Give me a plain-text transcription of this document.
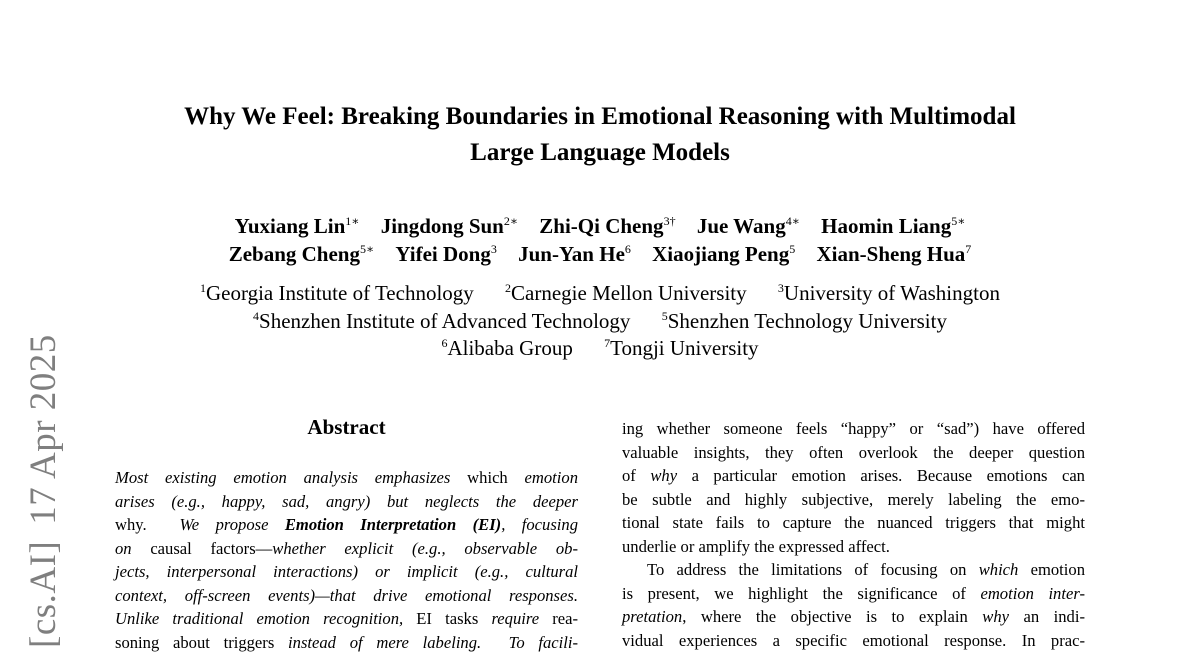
[cs.AI]17 Apr 2025
Why We Feel: Breaking Boundaries in Emotional Reasoning with Multimodal
Large Language Models
Yuxiang Lin$^{1∗}$ Jingdong Sun$^{2∗}$ Zhi-Qi Cheng$^{3\dagger}$ Jue Wang$^{4∗}$ Haomin Liang$^{5∗}$
Zebang Cheng$^{5∗}$ Yifei Dong$^3$ Jun-Yan He$^6$ Xiaojiang Peng$^5$ Xian-Sheng Hua$^7$
$^1$Georgia Institute of Technology	$^2$Carnegie Mellon University	$^3$University of Washington
$^4$Shenzhen Institute of Advanced Technology	$^5$Shenzhen Technology University
$^6$Alibaba Group	$^7$Tongji University
Abstract
Most existing emotion analysis emphasizes which emotion
arises (e.g., happy, sad, angry) but neglects the deeper
why. We propose Emotion Interpretation (EI), focusing
on causal factors—whether explicit (e.g., observable ob-
jects, interpersonal interactions) or implicit (e.g., cultural
context, off-screen events)—that drive emotional responses.
Unlike traditional emotion recognition, EI tasks require rea-
soning about triggers instead of mere labeling. To facili-
ing whether someone feels “happy” or “sad”) have offered
valuable insights, they often overlook the deeper question
of why a particular emotion arises. Because emotions can
be subtle and highly subjective, merely labeling the emo-
tional state fails to capture the nuanced triggers that might
underlie or amplify the expressed affect.
To address the limitations of focusing on which emotion
is present, we highlight the significance of emotion inter-
pretation, where the objective is to explain why an indi-
vidual experiences a specific emotional response. In prac-
